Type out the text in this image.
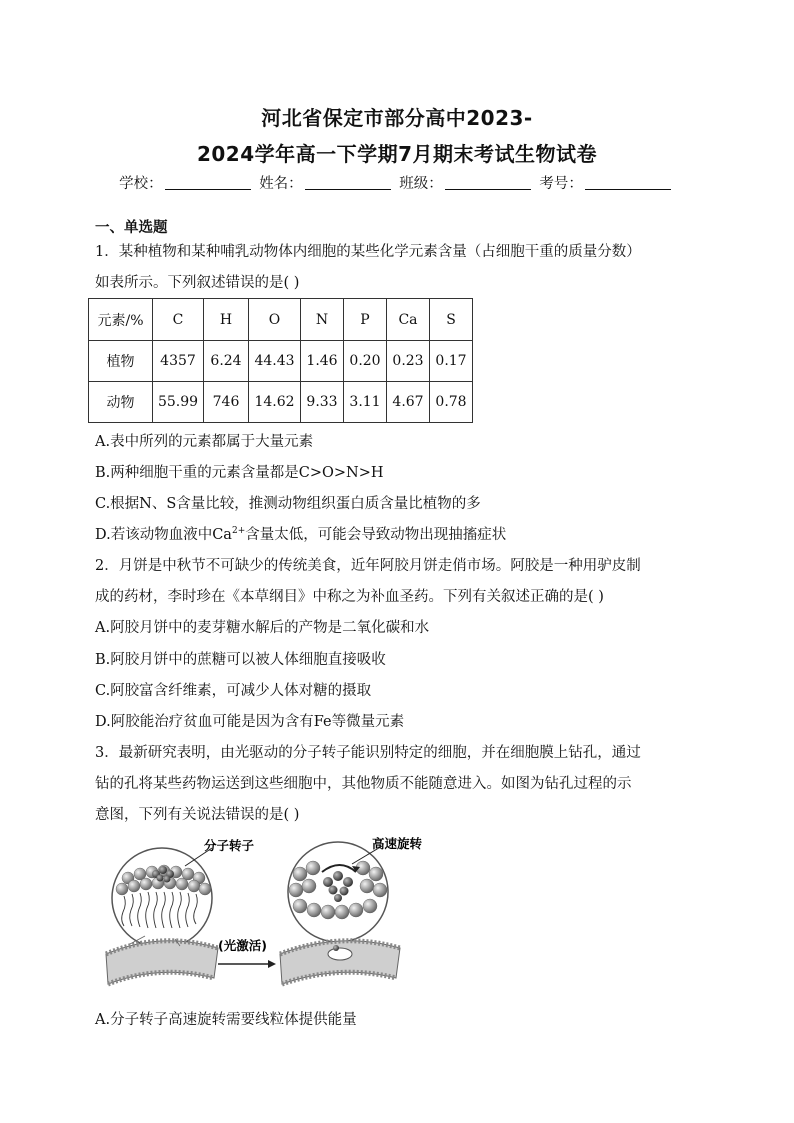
河北省保定市部分高中2023-
2024学年高一下学期7月期末考试生物试卷
学校：	姓名：	班级：	考号：
一、单选题
1．某种植物和某种哺乳动物体内细胞的某些化学元素含量（占细胞干重的质量分数）
如表所示。下列叙述错误的是( )
元素/%	C	H	O	N	P	Ca	S
植物	4357	6.24	44.43	1.46	0.20	0.23	0.17
动物	55.99	746	14.62	9.33	3.11	4.67	0.78
A.表中所列的元素都属于大量元素
B.两种细胞干重的元素含量都是C>O>N>H
C.根据N、S含量比较，推测动物组织蛋白质含量比植物的多
D.若该动物血液中$Ca^{2+}$含量太低，可能会导致动物出现抽搐症状
2．月饼是中秋节不可缺少的传统美食，近年阿胶月饼走俏市场。阿胶是一种用驴皮制
成的药材，李时珍在《本草纲目》中称之为补血圣药。下列有关叙述正确的是( )
A.阿胶月饼中的麦芽糖水解后的产物是二氧化碳和水
B.阿胶月饼中的蔗糖可以被人体细胞直接吸收
C.阿胶富含纤维素，可减少人体对糖的摄取
D.阿胶能治疗贫血可能是因为含有Fe等微量元素
3．最新研究表明，由光驱动的分子转子能识别特定的细胞，并在细胞膜上钻孔，通过
钻的孔将某些药物运送到这些细胞中，其他物质不能随意进入。如图为钻孔过程的示
意图，下列有关说法错误的是( )
分子转子
(光激活)
高速旋转
A.分子转子高速旋转需要线粒体提供能量
